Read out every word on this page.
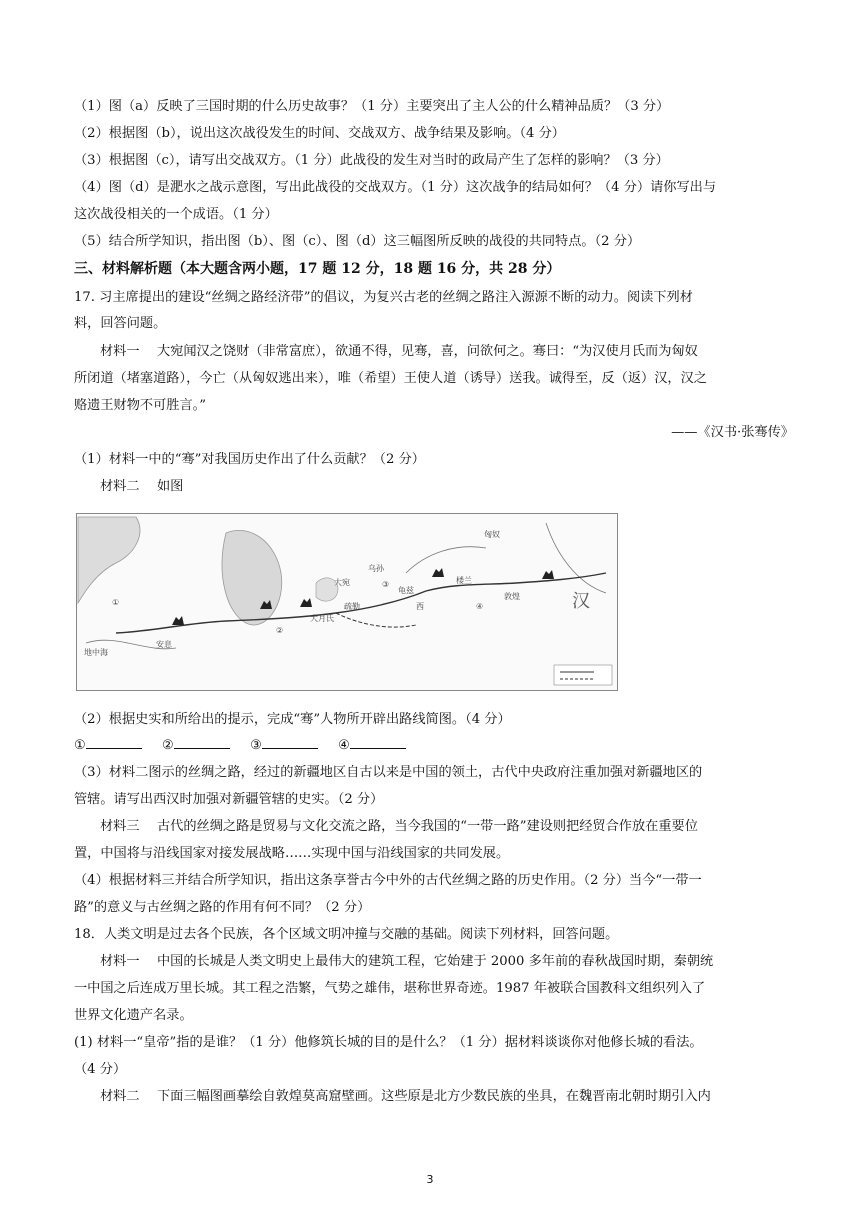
（1）图（a）反映了三国时期的什么历史故事？（1 分）主要突出了主人公的什么精神品质？（3 分）
（2）根据图（b），说出这次战役发生的时间、交战双方、战争结果及影响。（4 分）
（3）根据图（c），请写出交战双方。（1 分）此战役的发生对当时的政局产生了怎样的影响？（3 分）
（4）图（d）是淝水之战示意图，写出此战役的交战双方。（1 分）这次战争的结局如何？（4 分）请你写出与
这次战役相关的一个成语。（1 分）
（5）结合所学知识，指出图（b）、图（c）、图（d）这三幅图所反映的战役的共同特点。（2 分）
三、材料解析题（本大题含两小题，17 题 12 分，18 题 16 分，共 28 分）
17. 习主席提出的建设“丝绸之路经济带”的倡议，为复兴古老的丝绸之路注入源源不断的动力。阅读下列材
料，回答问题。
材料一　 大宛闻汉之饶财（非常富庶），欲通不得，见骞，喜，问欲何之。骞曰：“为汉使月氏而为匈奴
所闭道（堵塞道路），今亡（从匈奴逃出来），唯（希望）王使人道（诱导）送我。诚得至，反（返）汉，汉之
赂遗王财物不可胜言。”
——《汉书·张骞传》
（1）材料一中的“骞”对我国历史作出了什么贡献？（2 分）
材料二　 如图
匈奴
乌孙
大宛
疏勒
楼兰
敦煌
大月氏
龟兹
汉
安息
西
①
②
③
④
地中海
（2）根据史实和所给出的提示，完成“骞”人物所开辟出路线简图。（4 分）
①	②	③	④
（3）材料二图示的丝绸之路，经过的新疆地区自古以来是中国的领土，古代中央政府注重加强对新疆地区的
管辖。请写出西汉时加强对新疆管辖的史实。（2 分）
材料三　 古代的丝绸之路是贸易与文化交流之路，当今我国的“一带一路”建设则把经贸合作放在重要位
置，中国将与沿线国家对接发展战略……实现中国与沿线国家的共同发展。
（4）根据材料三并结合所学知识，指出这条享誉古今中外的古代丝绸之路的历史作用。（2 分）当今“一带一
路”的意义与古丝绸之路的作用有何不同？（2 分）
18．人类文明是过去各个民族，各个区域文明冲撞与交融的基础。阅读下列材料，回答问题。
材料一　 中国的长城是人类文明史上最伟大的建筑工程，它始建于 2000 多年前的春秋战国时期，秦朝统
一中国之后连成万里长城。其工程之浩繁，气势之雄伟，堪称世界奇迹。1987 年被联合国教科文组织列入了
世界文化遗产名录。
(1) 材料一“皇帝”指的是谁？（1 分）他修筑长城的目的是什么？（1 分）据材料谈谈你对他修长城的看法。
（4 分）
材料二　 下面三幅图画摹绘自敦煌莫高窟壁画。这些原是北方少数民族的坐具，在魏晋南北朝时期引入内
3
